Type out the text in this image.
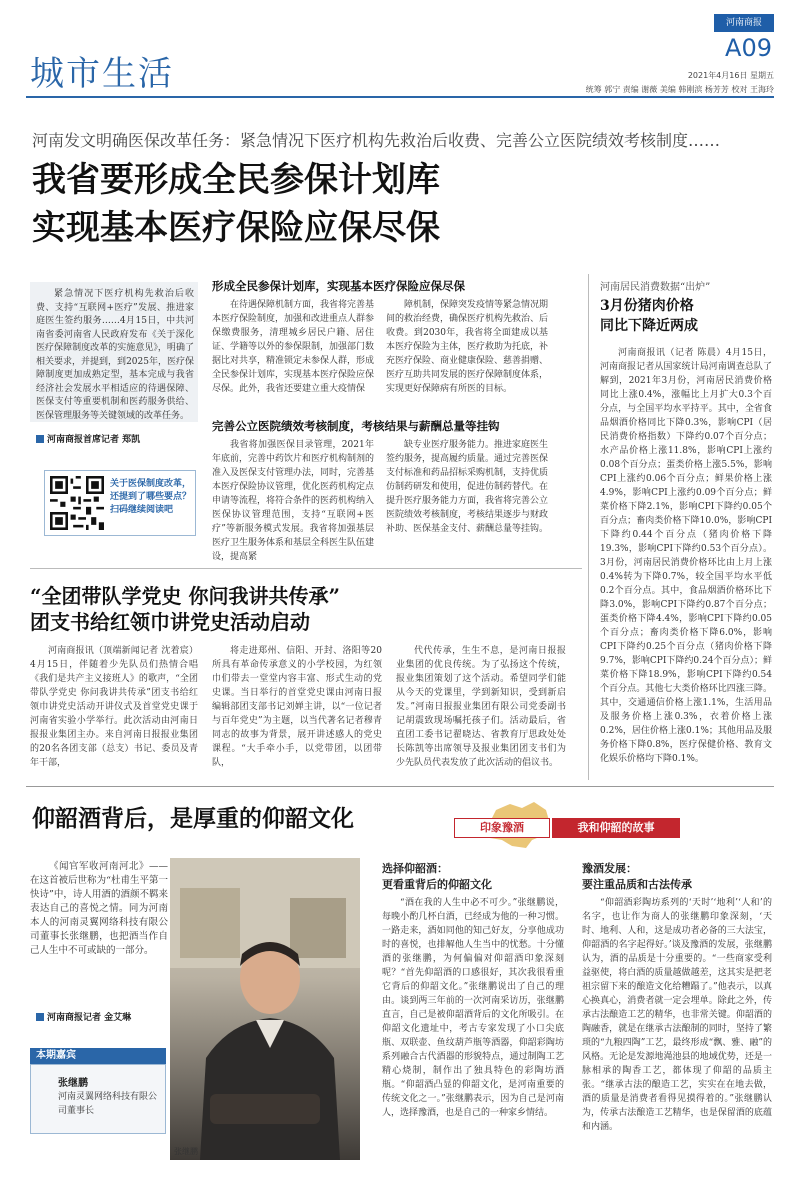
城市生活
河南商报
A09
2021年4月16日 星期五
统筹 郭宁 责编 谢薇 美编 韩刚滨 杨芳芳 校对 王海玲
河南发文明确医保改革任务：紧急情况下医疗机构先救治后收费、完善公立医院绩效考核制度……
我省要形成全民参保计划库
实现基本医疗保险应保尽保

紧急情况下医疗机构先救治后收费、支持“互联网+医疗”发展、推进家庭医生签约服务……4月15日，中共河南省委河南省人民政府发布《关于深化医疗保障制度改革的实施意见》，明确了相关要求，并提到，到2025年，医疗保障制度更加成熟定型，基本完成与我省经济社会发展水平相适应的待遇保障、医保支付等重要机制和医药服务供给、医保管理服务等关键领域的改革任务。

河南商报首席记者 郑凯
关于医保制度改革，还提到了哪些要点？扫码继续阅读吧
形成全民参保计划库，实现基本医疗保险应保尽保

在待遇保障机制方面，我省将完善基本医疗保险制度，加强和改进重点人群参保缴费服务，清理城乡居民户籍、居住证、学籍等以外的参保限制，加强部门数据比对共享，精准锁定未参保人群，形成全民参保计划库，实现基本医疗保险应保尽保。此外，我省还要建立重大疫情保

障机制，保障突发疫情等紧急情况期间的救治经费，确保医疗机构先救治、后收费。到2030年，我省将全面建成以基本医疗保险为主体，医疗救助为托底，补充医疗保险、商业健康保险、慈善捐赠、医疗互助共同发展的医疗保障制度体系，实现更好保障病有所医的目标。

完善公立医院绩效考核制度，考核结果与薪酬总量等挂钩

我省将加强医保目录管理，2021年年底前，完善中药饮片和医疗机构制剂的准入及医保支付管理办法，同时，完善基本医疗保险协议管理，优化医药机构定点申请等流程，将符合条件的医药机构纳入医保协议管理范围，支持“互联网+医疗”等新服务模式发展。我省将加强基层医疗卫生服务体系和基层全科医生队伍建设，提高紧

缺专业医疗服务能力。推进家庭医生签约服务，提高履约质量。通过完善医保支付标准和药品招标采购机制，支持优质仿制药研发和使用，促进仿制药替代。在提升医疗服务能力方面，我省将完善公立医院绩效考核制度，考核结果逐步与财政补助、医保基金支付、薪酬总量等挂钩。

河南居民消费数据“出炉”
3月份猪肉价格
同比下降近两成

河南商报讯（记者 陈晨）4月15日，河南商报记者从国家统计局河南调查总队了解到，2021年3月份，河南居民消费价格同比上涨0.4%，涨幅比上月扩大0.3个百分点，与全国平均水平持平。其中，全省食品烟酒价格同比下降0.3%，影响CPI（居民消费价格指数）下降约0.07个百分点；水产品价格上涨11.8%，影响CPI上涨约0.08个百分点；蛋类价格上涨5.5%，影响CPI上涨约0.06个百分点；鲜果价格上涨4.9%，影响CPI上涨约0.09个百分点；鲜菜价格下降2.1%，影响CPI下降约0.05个百分点；畜肉类价格下降10.0%，影响CPI下降约0.44个百分点（猪肉价格下降19.3%，影响CPI下降约0.53个百分点）。3月份，河南居民消费价格环比由上月上涨0.4%转为下降0.7%，较全国平均水平低0.2个百分点。其中，食品烟酒价格环比下降3.0%，影响CPI下降约0.87个百分点；蛋类价格下降4.4%，影响CPI下降约0.05个百分点；畜肉类价格下降6.0%，影响CPI下降约0.25个百分点（猪肉价格下降9.7%，影响CPI下降约0.24个百分点）；鲜菜价格下降18.9%，影响CPI下降约0.54个百分点。其他七大类价格环比四涨三降。其中，交通通信价格上涨1.1%，生活用品及服务价格上涨0.3%，衣着价格上涨0.2%，居住价格上涨0.1%；其他用品及服务价格下降0.8%，医疗保健价格、教育文化娱乐价格均下降0.1%。

“全团带队学党史 你问我讲共传承”
团支书给红领巾讲党史活动启动

河南商报讯（顶端新闻记者 沈着宸）4月15日，伴随着少先队员们热情合唱《我们是共产主义接班人》的歌声，“全团带队学党史 你问我讲共传承”团支书给红领巾讲党史活动开讲仪式及首堂党史课于河南省实验小学举行。此次活动由河南日报报业集团主办。来自河南日报报业集团的20名各团支部（总支）书记、委员及青年干部，

将走进郑州、信阳、开封、洛阳等20所具有革命传承意义的小学校园，为红领巾们带去一堂堂内容丰富、形式生动的党史课。当日举行的首堂党史课由河南日报编辑部团支部书记刘婵主讲，以“一位记者与百年党史”为主题，以当代著名记者穆青同志的故事为背景，展开讲述感人的党史课程。“大手牵小手，以党带团，以团带队，

代代传承，生生不息，是河南日报报业集团的优良传统。为了弘扬这个传统，报业集团策划了这个活动。希望同学们能从今天的党课里，学到新知识，受到新启发。”河南日报报业集团有限公司党委副书记胡震致现场嘱托孩子们。活动最后，省直团工委书记翟晓达、省教育厅思政处处长陈凯等出席领导及报业集团团支书们为少先队员代表发放了此次活动的倡议书。

仰韶酒背后，是厚重的仰韶文化	印象豫酒	我和仰韶的故事

《闻官军收河南河北》——在这首被后世称为“杜甫生平第一快诗”中，诗人用酒的酒颜不羁来表达自己的喜悦之情。同为河南本人的河南灵翼网络科技有限公司董事长张继鹏，也把酒当作自己人生中不可或缺的一部分。

河南商报记者 金艾琳
本期嘉宾
张继鹏
河南灵翼网络科技有限公司董事长
张继鹏
选择仰韶酒：
更看重背后的仰韶文化

“酒在我的人生中必不可少。”张继鹏说，每晚小酌几杯白酒，已经成为他的一种习惯。一路走来，酒如同他的知己好友，分享他成功时的喜悦，也排解他人生当中的忧愁。十分懂酒的张继鹏，为何偏偏对仰韶酒印象深刻呢？“首先仰韶酒的口感很好，其次我很看重它背后的仰韶文化。”张继鹏说出了自己的理由。谈到两三年前的一次河南采访历，张继鹏直言，自己是被仰韶酒背后的文化所吸引。在仰韶文化遗址中，考古专家发现了小口尖底瓶、双联壶、鱼纹葫芦瓶等酒器，仰韶彩陶坊系列融合古代酒器的形貌特点，通过制陶工艺精心烧制，制作出了独具特色的彩陶坊酒瓶。“仰韶酒凸显的仰韶文化，是河南重要的传统文化之一。”张继鹏表示，因为自己是河南人，选择豫酒，也是自己的一种家乡情结。

豫酒发展：
要注重品质和古法传承

“仰韶酒彩陶坊系列的‘天时’‘地利’‘人和’的名字，也让作为商人的张继鹏印象深刻，‘天时、地利、人和，这是成功者必备的三大法宝，仰韶酒的名字起得好。’谈及豫酒的发展，张继鹏认为，酒的品质是十分重要的。“一些商家受利益驱使，将白酒的质量越做越差，这其实是把老祖宗留下来的酿造文化给糟蹋了。”他表示，以真心换真心，消费者就一定会埋单。除此之外，传承古法酿造工艺的精华，也非常关键。仰韶酒的陶融香，就是在继承古法酿制的同时，坚持了繁琐的“九粮四陶”工艺，最终形成“飘、雅、融”的风格。无论是发源地渑池县的地域优势，还是一脉相承的陶香工艺，都体现了仰韶的品质主张。“继承古法的酿造工艺，实实在在地去做，酒的质量是消费者看得见摸得着的。”张继鹏认为，传承古法酿造工艺精华，也是保留酒的底蕴和内涵。
